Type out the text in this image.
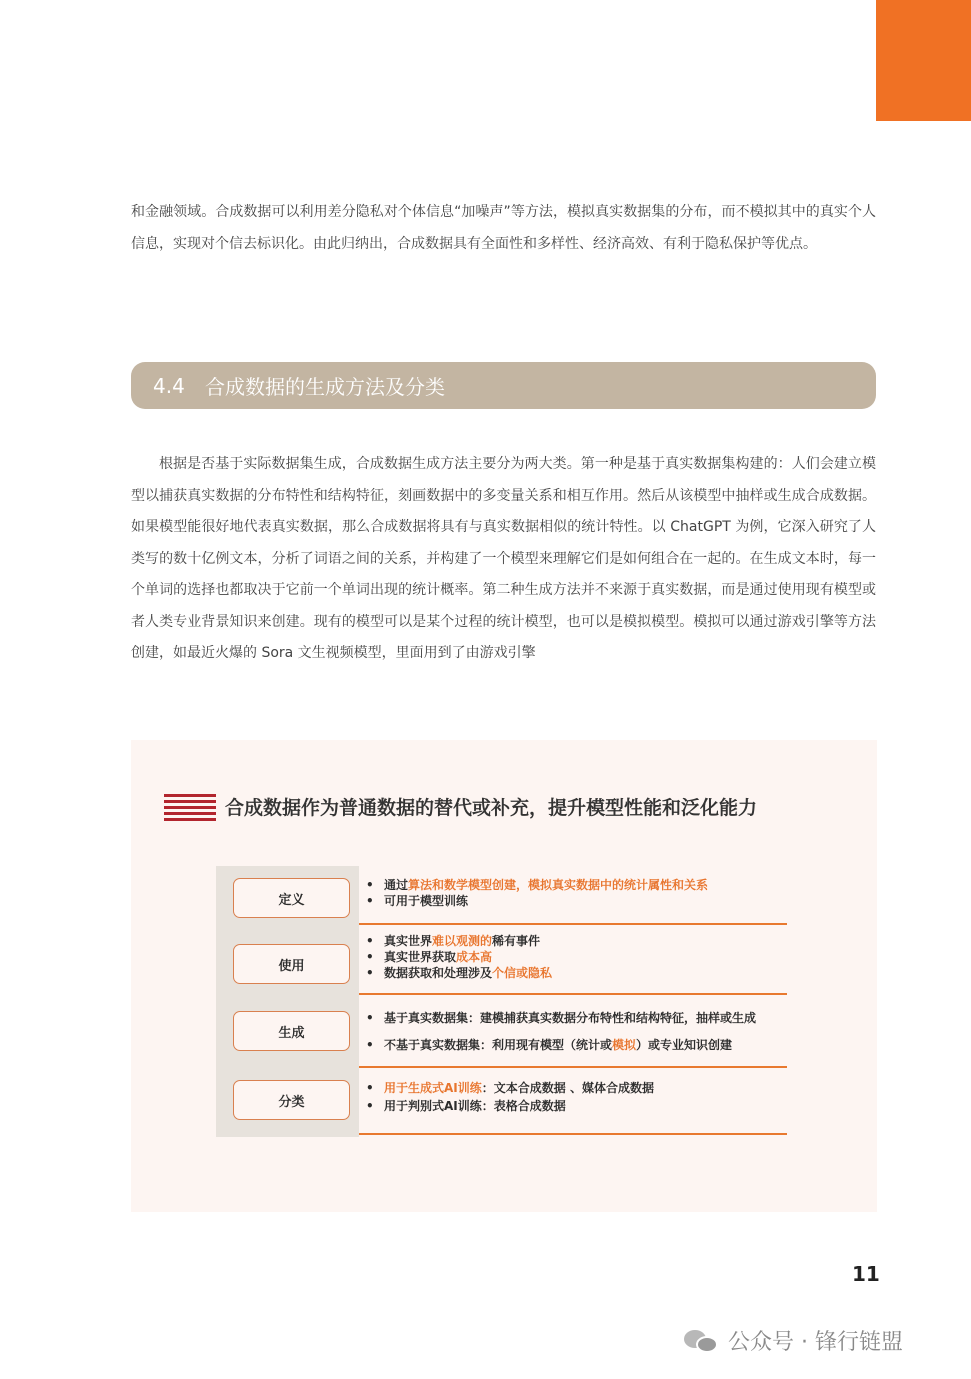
和金融领域。合成数据可以利用差分隐私对个体信息“加噪声”等方法，模拟真实数据集的分布，而不模拟其中的真实个人信息，实现对个信去标识化。由此归纳出，合成数据具有全面性和多样性、经济高效、有利于隐私保护等优点。

4.4	合成数据的生成方法及分类

根据是否基于实际数据集生成，合成数据生成方法主要分为两大类。第一种是基于真实数据集构建的：人们会建立模型以捕获真实数据的分布特性和结构特征，刻画数据中的多变量关系和相互作用。然后从该模型中抽样或生成合成数据。如果模型能很好地代表真实数据，那么合成数据将具有与真实数据相似的统计特性。以 ChatGPT 为例，它深入研究了人类写的数十亿例文本，分析了词语之间的关系，并构建了一个模型来理解它们是如何组合在一起的。在生成文本时，每一个单词的选择也都取决于它前一个单词出现的统计概率。第二种生成方法并不来源于真实数据，而是通过使用现有模型或者人类专业背景知识来创建。现有的模型可以是某个过程的统计模型，也可以是模拟模型。模拟可以通过游戏引擎等方法创建，如最近火爆的 Sora 文生视频模型，里面用到了由游戏引擎

合成数据作为普通数据的替代或补充，提升模型性能和泛化能力
定义
• 通过算法和数学模型创建，模拟真实数据中的统计属性和关系
• 可用于模型训练
使用
• 真实世界难以观测的稀有事件
• 真实世界获取成本高
• 数据获取和处理涉及个信或隐私
生成
• 基于真实数据集：建模捕获真实数据分布特性和结构特征，抽样或生成
• 不基于真实数据集：利用现有模型（统计或模拟）或专业知识创建
分类
• 用于生成式AI训练：文本合成数据 、媒体合成数据
• 用于判别式AI训练：表格合成数据
11
公众号 · 锋行链盟
